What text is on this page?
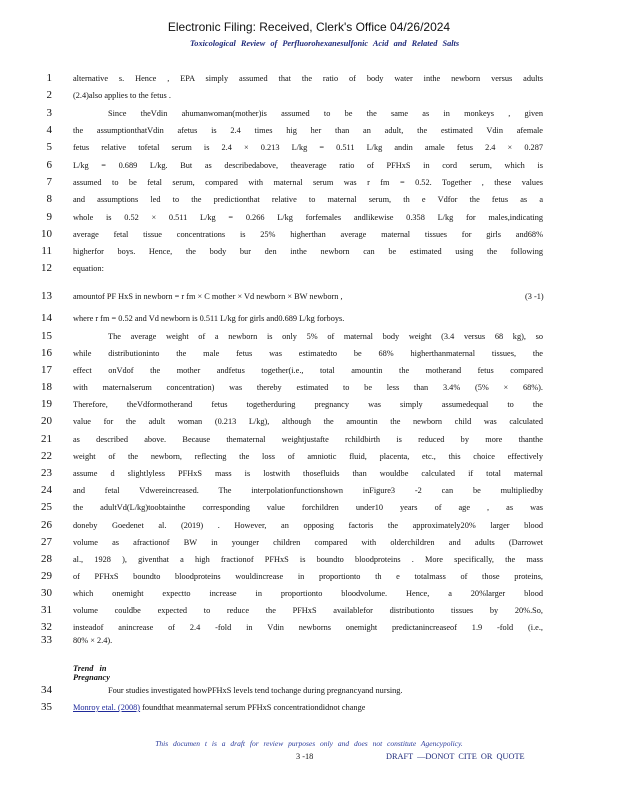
Electronic Filing: Received, Clerk's Office 04/26/2024
Toxicological Review of Perfluorohexanesulfonic Acid and Related Salts
1	alternative s. Hence , EPA simply assumed that the ratio of body water inthe newborn versus adults
2	(2.4)also applies to the fetus .
3	Since theVdin ahumanwoman(mother)is assumed to be the same as in monkeys , given
4	the assumptionthatVdin afetus is 2.4 times hig her than an adult, the estimated Vdin afemale
5	fetus relative tofetal serum is 2.4 × 0.213 L/kg = 0.511 L/kg andin amale fetus 2.4 × 0.287
6	L/kg = 0.689 L/kg. But as describedabove, theaverage ratio of PFHxS in cord serum, which is
7	assumed to be fetal serum, compared with maternal serum was r fm = 0.52. Together , these values
8	and assumptions led to the predictionthat relative to maternal serum, th e Vdfor the fetus as a
9	whole is 0.52 × 0.511 L/kg = 0.266 L/kg forfemales andlikewise 0.358 L/kg for males,indicating
10	average fetal tissue concentrations is 25% higherthan average maternal tissues for girls and68%
11	higherfor boys. Hence, the body bur den inthe newborn can be estimated using the following
12	equation:
13	amountof PF HxS in newborn = r fm × C mother × Vd newborn × BW newborn ,	(3 -1)
14	where r fm = 0.52 and Vd newborn is 0.511 L/kg for girls and0.689 L/kg forboys.
15	The average weight of a newborn is only 5% of maternal body weight (3.4 versus 68 kg), so
16	while distributioninto the male fetus was estimatedto be 68% higherthanmaternal tissues, the
17	effect onVdof the mother andfetus together(i.e., total amountin the motherand fetus compared
18	with maternalserum concentration) was thereby estimated to be less than 3.4% (5% × 68%).
19	Therefore, theVdformotherand fetus togetherduring pregnancy was simply assumedequal to the
20	value for the adult woman (0.213 L/kg), although the amountin the newborn child was calculated
21	as described above. Because thematernal weightjustafte rchildbirth is reduced by more thanthe
22	weight of the newborn, reflecting the loss of amniotic fluid, placenta, etc., this choice effectively
23	assume d slightlyless PFHxS mass is lostwith thosefluids than wouldbe calculated if total maternal
24	and fetal Vdwereincreased. The interpolationfunctionshown inFigure3 -2 can be multipliedby
25	the adultVd(L/kg)toobtainthe corresponding value forchildren under10 years of age , as was
26	doneby Goedenet al. (2019) . However, an opposing factoris the approximately20% larger blood
27	volume as afractionof BW in younger children compared with olderchildren and adults (Darrowet
28	al., 1928 ), giventhat a high fractionof PFHxS is boundto bloodproteins . More specifically, the mass
29	of PFHxS boundto bloodproteins wouldincrease in proportionto th e totalmass of those proteins,
30	which onemight expectto increase in proportionto bloodvolume. Hence, a 20%larger blood
31	volume couldbe expected to reduce the PFHxS availablefor distributionto tissues by 20%.So,
32	insteadof anincrease of 2.4 -fold in Vdin newborns onemight predictanincreaseof 1.9 -fold (i.e.,
33	80% × 2.4).
Trend in Pregnancy
34	Four studies investigated howPFHxS levels tend tochange during pregnancyand nursing.
35	Monroy etal. (2008) foundthat meanmaternal serum PFHxS concentrationdidnot change
This documen t is a draft for review purposes only and does not constitute Agencypolicy.
3 -18	DRAFT —DONOT CITE OR QUOTE
